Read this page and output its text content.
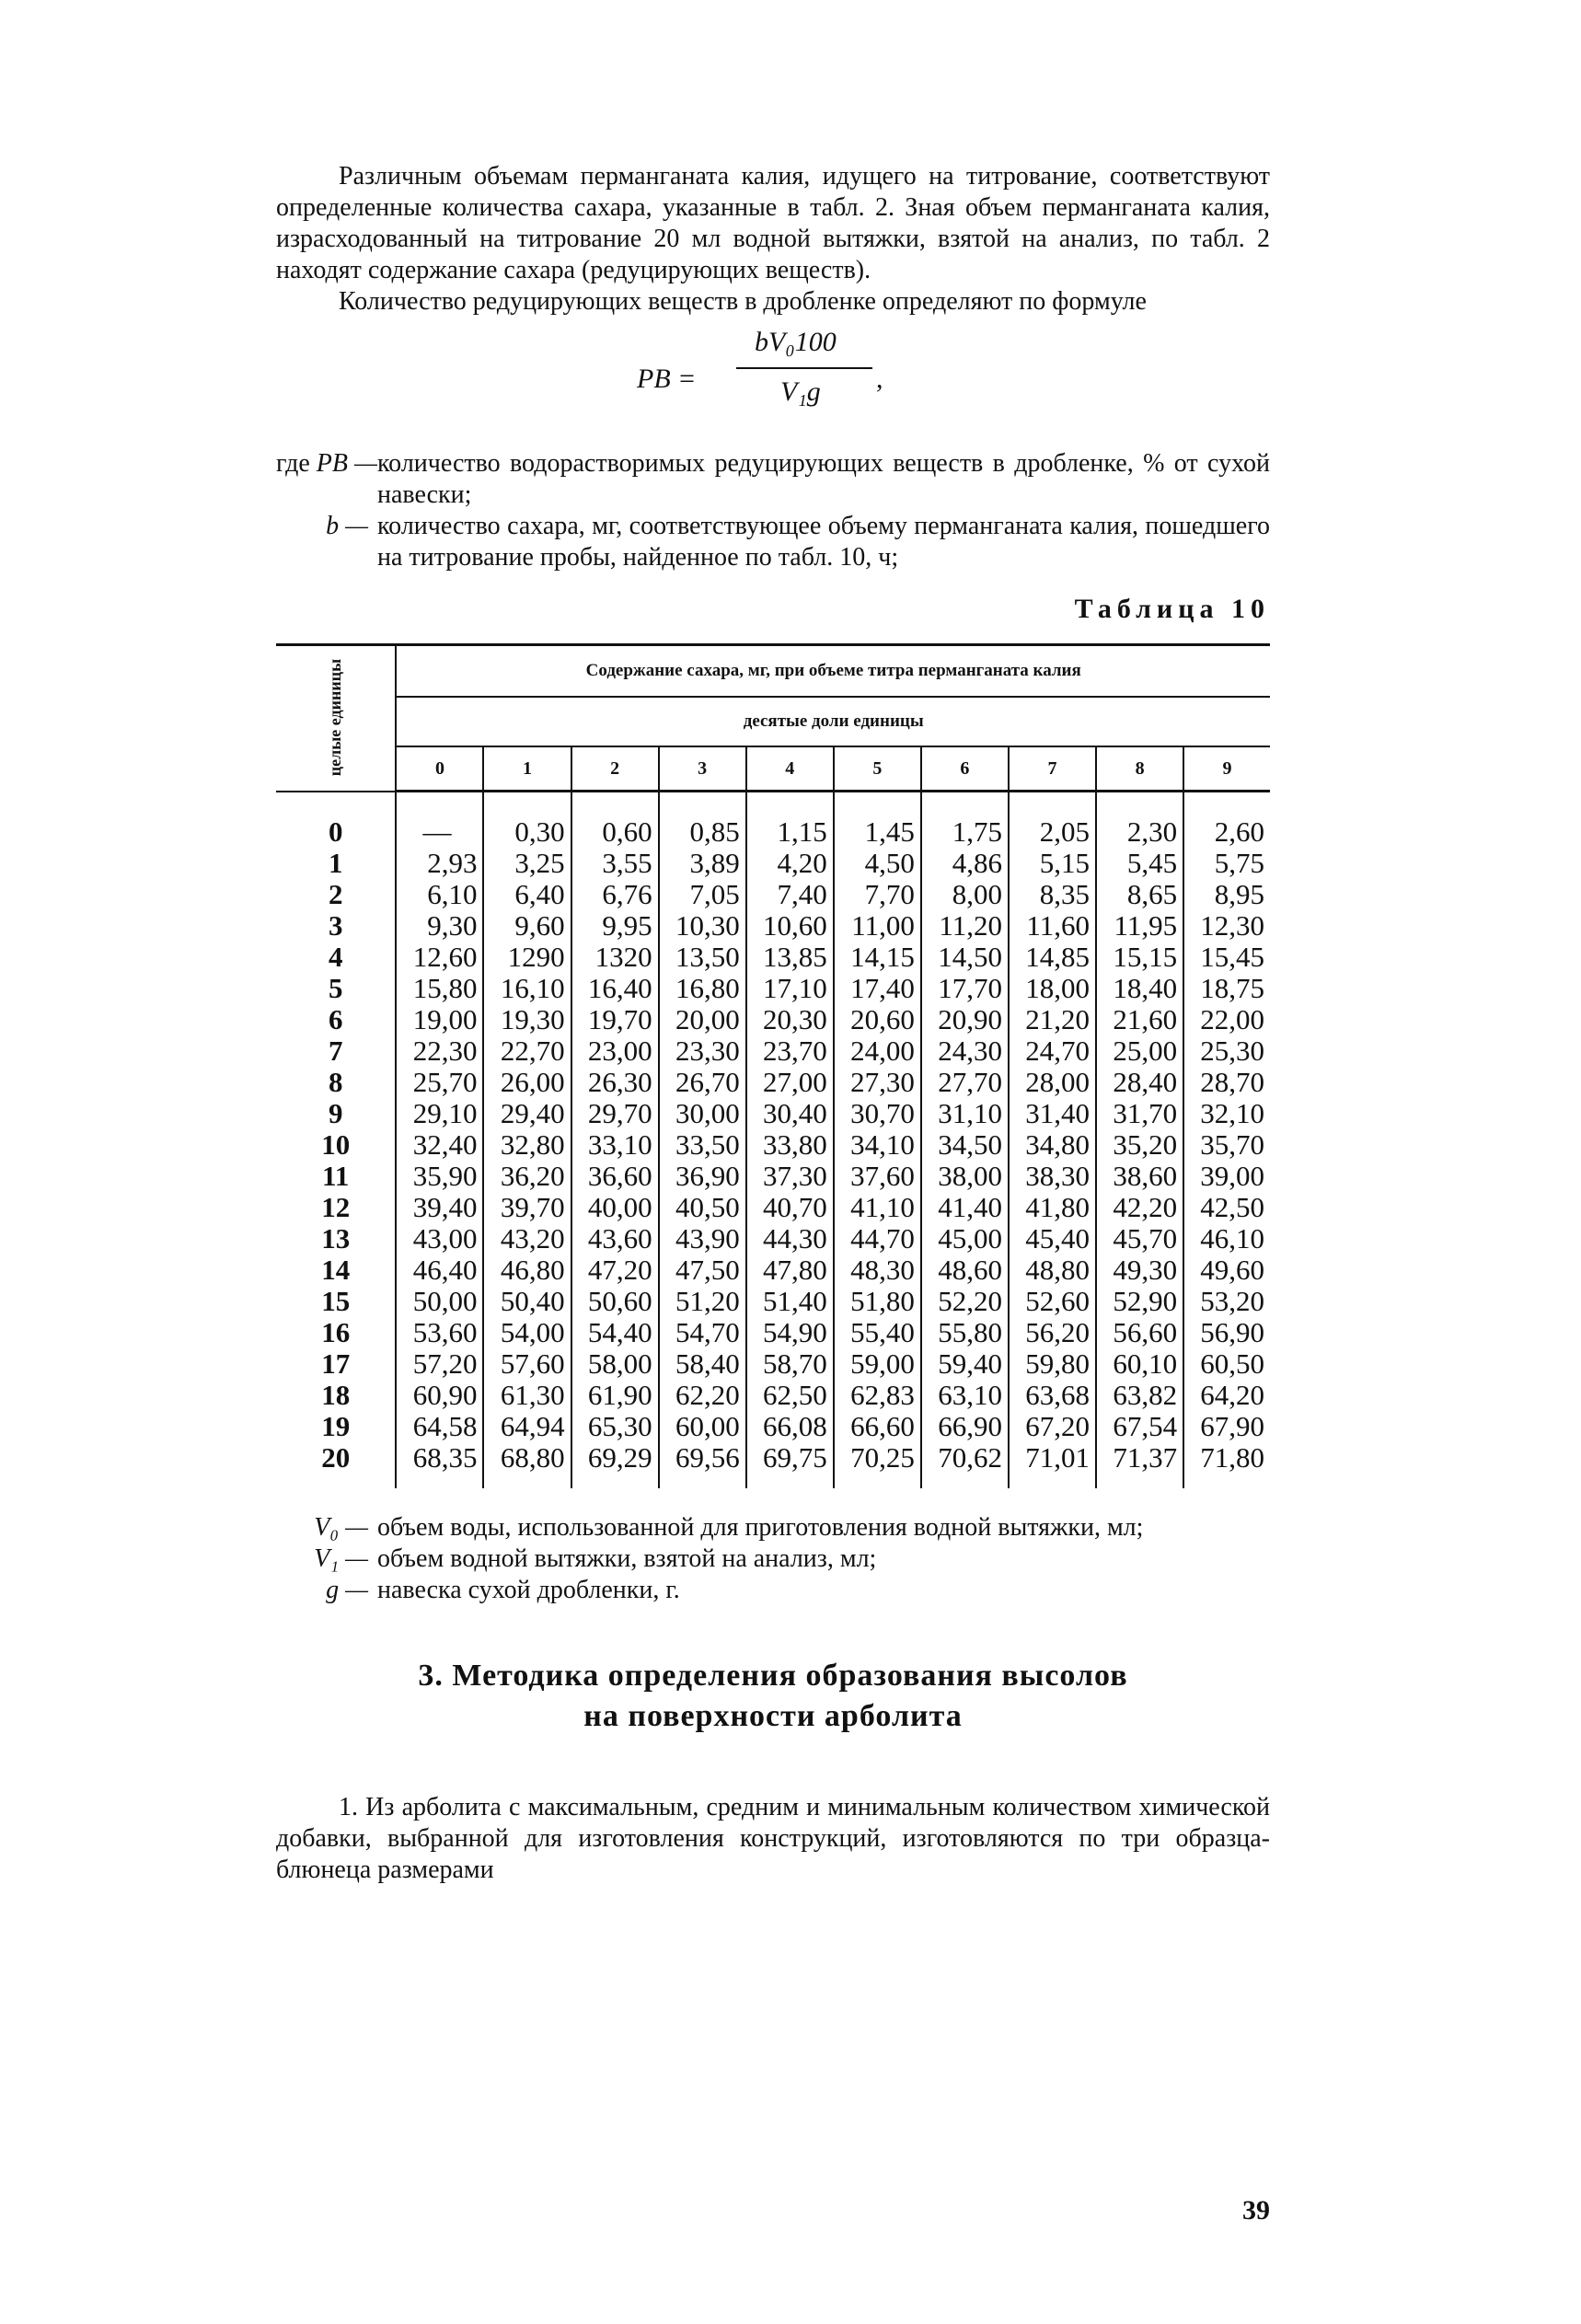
Различным объемам перманганата калия, идущего на титрование, соответствуют определенные количества сахара, указанные в табл. 2. Зная объем перманганата калия, израсходованный на титрование 20 мл водной вытяжки, взятой на анализ, по табл. 2 находят содержание сахара (редуцирующих веществ).

Количество редуцирующих веществ в дробленке определяют по формуле

PB =
bV₀100
V₁g ,
где PB — количество водорастворимых редуцирующих веществ в дробленке, % от сухой навески;
b — количество сахара, мг, соответствующее объему перманганата калия, пошедшего на титрование пробы, найденное по табл. 10, ч;
Таблица 10
целые единицы	Содержание сахара, мг, при объеме титра перманганата калия									
	десятые доли единицы									
	0	1	2	3	4	5	6	7	8	9
0	—	0,30	0,60	0,85	1,15	1,45	1,75	2,05	2,30	2,60
1	2,93	3,25	3,55	3,89	4,20	4,50	4,86	5,15	5,45	5,75
2	6,10	6,40	6,76	7,05	7,40	7,70	8,00	8,35	8,65	8,95
3	9,30	9,60	9,95	10,30	10,60	11,00	11,20	11,60	11,95	12,30
4	12,60	1290	1320	13,50	13,85	14,15	14,50	14,85	15,15	15,45
5	15,80	16,10	16,40	16,80	17,10	17,40	17,70	18,00	18,40	18,75
6	19,00	19,30	19,70	20,00	20,30	20,60	20,90	21,20	21,60	22,00
7	22,30	22,70	23,00	23,30	23,70	24,00	24,30	24,70	25,00	25,30
8	25,70	26,00	26,30	26,70	27,00	27,30	27,70	28,00	28,40	28,70
9	29,10	29,40	29,70	30,00	30,40	30,70	31,10	31,40	31,70	32,10
10	32,40	32,80	33,10	33,50	33,80	34,10	34,50	34,80	35,20	35,70
11	35,90	36,20	36,60	36,90	37,30	37,60	38,00	38,30	38,60	39,00
12	39,40	39,70	40,00	40,50	40,70	41,10	41,40	41,80	42,20	42,50
13	43,00	43,20	43,60	43,90	44,30	44,70	45,00	45,40	45,70	46,10
14	46,40	46,80	47,20	47,50	47,80	48,30	48,60	48,80	49,30	49,60
15	50,00	50,40	50,60	51,20	51,40	51,80	52,20	52,60	52,90	53,20
16	53,60	54,00	54,40	54,70	54,90	55,40	55,80	56,20	56,60	56,90
17	57,20	57,60	58,00	58,40	58,70	59,00	59,40	59,80	60,10	60,50
18	60,90	61,30	61,90	62,20	62,50	62,83	63,10	63,68	63,82	64,20
19	64,58	64,94	65,30	60,00	66,08	66,60	66,90	67,20	67,54	67,90
20	68,35	68,80	69,29	69,56	69,75	70,25	70,62	71,01	71,37	71,80
V₀ — объем воды, использованной для приготовления водной вытяжки, мл;
V₁ — объем водной вытяжки, взятой на анализ, мл;
g — навеска сухой дробленки, г.
3. Методика определения образования высолов
на поверхности арболита

1. Из арболита с максимальным, средним и минимальным количеством химической добавки, выбранной для изготовления конструкций, изготовляются по три образца-блюнеца размерами

39
